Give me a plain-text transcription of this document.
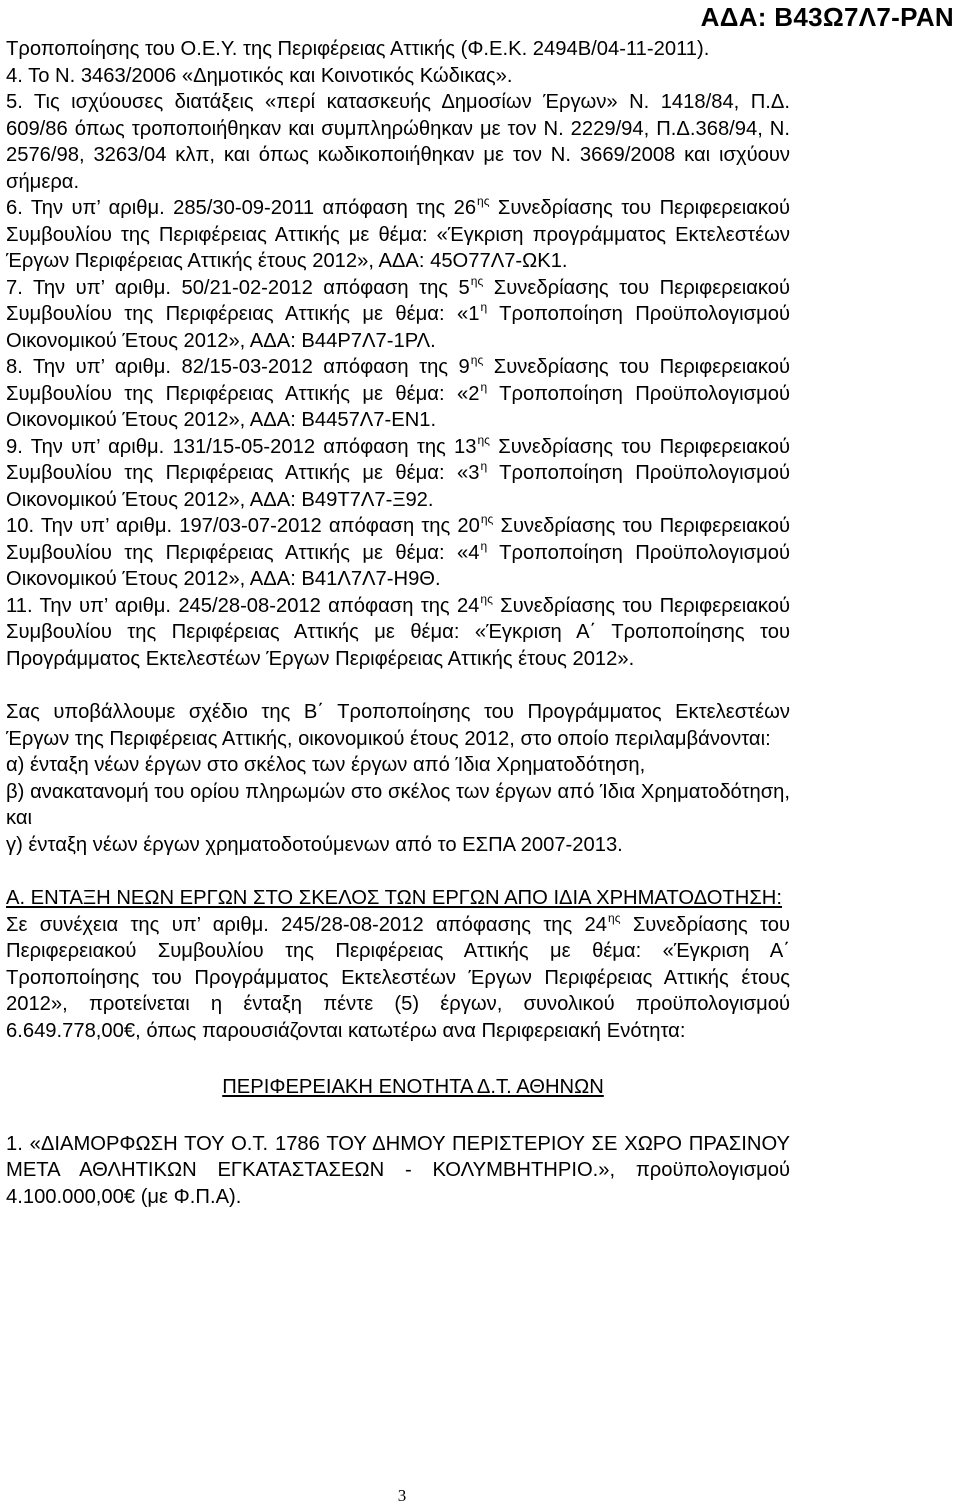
ΑΔΑ: Β43Ω7Λ7-ΡΑΝ

Τροποποίησης του Ο.Ε.Υ. της Περιφέρειας Αττικής (Φ.Ε.Κ. 2494Β/04-11-2011).

4. Το Ν. 3463/2006 «Δημοτικός και Κοινοτικός Κώδικας».

5. Τις ισχύουσες διατάξεις «περί κατασκευής Δημοσίων Έργων» Ν. 1418/84, Π.Δ. 609/86 όπως τροποποιήθηκαν και συμπληρώθηκαν με τον Ν. 2229/94, Π.Δ.368/94, Ν. 2576/98, 3263/04 κλπ, και όπως κωδικοποιήθηκαν με τον Ν. 3669/2008 και ισχύουν σήμερα.

6. Την υπ’ αριθμ. 285/30-09-2011 απόφαση της $26^{\eta\varsigma}$ Συνεδρίασης του Περιφερειακού Συμβουλίου της Περιφέρειας Αττικής με θέμα: «Έγκριση προγράμματος Εκτελεστέων Έργων Περιφέρειας Αττικής έτους 2012», ΑΔΑ: 45Ο77Λ7-ΩΚ1.

7. Την υπ’ αριθμ. 50/21-02-2012 απόφαση της $5^{\eta\varsigma}$ Συνεδρίασης του Περιφερειακού Συμβουλίου της Περιφέρειας Αττικής με θέμα: «$1^\eta$ Τροποποίηση Προϋπολογισμού Οικονομικού Έτους 2012», ΑΔΑ: Β44Ρ7Λ7-1ΡΛ.

8. Την υπ’ αριθμ. 82/15-03-2012 απόφαση της $9^{\eta\varsigma}$ Συνεδρίασης του Περιφερειακού Συμβουλίου της Περιφέρειας Αττικής με θέμα: «$2^\eta$ Τροποποίηση Προϋπολογισμού Οικονομικού Έτους 2012», ΑΔΑ: Β4457Λ7-ΕΝ1.

9. Την υπ’ αριθμ. 131/15-05-2012 απόφαση της $13^{\eta\varsigma}$ Συνεδρίασης του Περιφερειακού Συμβουλίου της Περιφέρειας Αττικής με θέμα: «$3^\eta$ Τροποποίηση Προϋπολογισμού Οικονομικού Έτους 2012», ΑΔΑ: Β49Τ7Λ7-Ξ92.

10. Την υπ’ αριθμ. 197/03-07-2012 απόφαση της $20^{\eta\varsigma}$ Συνεδρίασης του Περιφερειακού Συμβουλίου της Περιφέρειας Αττικής με θέμα: «$4^\eta$ Τροποποίηση Προϋπολογισμού Οικονομικού Έτους 2012», ΑΔΑ: Β41Λ7Λ7-Η9Θ.

11. Την υπ’ αριθμ. 245/28-08-2012 απόφαση της $24^{\eta\varsigma}$ Συνεδρίασης του Περιφερειακού Συμβουλίου της Περιφέρειας Αττικής με θέμα: «Έγκριση Α΄ Τροποποίησης του Προγράμματος Εκτελεστέων Έργων Περιφέρειας Αττικής έτους 2012».

Σας υποβάλλουμε σχέδιο της Β΄ Τροποποίησης του Προγράμματος Εκτελεστέων Έργων της Περιφέρειας Αττικής, οικονομικού έτους 2012, στο οποίο περιλαμβάνονται:

α) ένταξη νέων έργων στο σκέλος των έργων από Ίδια Χρηματοδότηση,

β) ανακατανομή του ορίου πληρωμών στο σκέλος των έργων από Ίδια Χρηματοδότηση, και

γ) ένταξη νέων έργων χρηματοδοτούμενων από το ΕΣΠΑ 2007-2013.

Α. ΕΝΤΑΞΗ ΝΕΩΝ ΕΡΓΩΝ ΣΤΟ ΣΚΕΛΟΣ ΤΩΝ ΕΡΓΩΝ ΑΠΟ ΙΔΙΑ ΧΡΗΜΑΤΟΔΟΤΗΣΗ:

Σε συνέχεια της υπ’ αριθμ. 245/28-08-2012 απόφασης της $24^{\eta\varsigma}$ Συνεδρίασης του Περιφερειακού Συμβουλίου της Περιφέρειας Αττικής με θέμα: «Έγκριση Α΄ Τροποποίησης του Προγράμματος Εκτελεστέων Έργων Περιφέρειας Αττικής έτους 2012», προτείνεται η ένταξη πέντε (5) έργων, συνολικού προϋπολογισμού 6.649.778,00€, όπως παρουσιάζονται κατωτέρω ανα Περιφερειακή Ενότητα:

ΠΕΡΙΦΕΡΕΙΑΚΗ ΕΝΟΤΗΤΑ Δ.Τ. ΑΘΗΝΩΝ

1. «ΔΙΑΜΟΡΦΩΣΗ ΤΟΥ Ο.Τ. 1786 ΤΟΥ ΔΗΜΟΥ ΠΕΡΙΣΤΕΡΙΟΥ ΣΕ ΧΩΡΟ ΠΡΑΣΙΝΟΥ ΜΕΤΑ ΑΘΛΗΤΙΚΩΝ ΕΓΚΑΤΑΣΤΑΣΕΩΝ - ΚΟΛΥΜΒΗΤΗΡΙΟ.», προϋπολογισμού 4.100.000,00€ (με Φ.Π.Α).

3
